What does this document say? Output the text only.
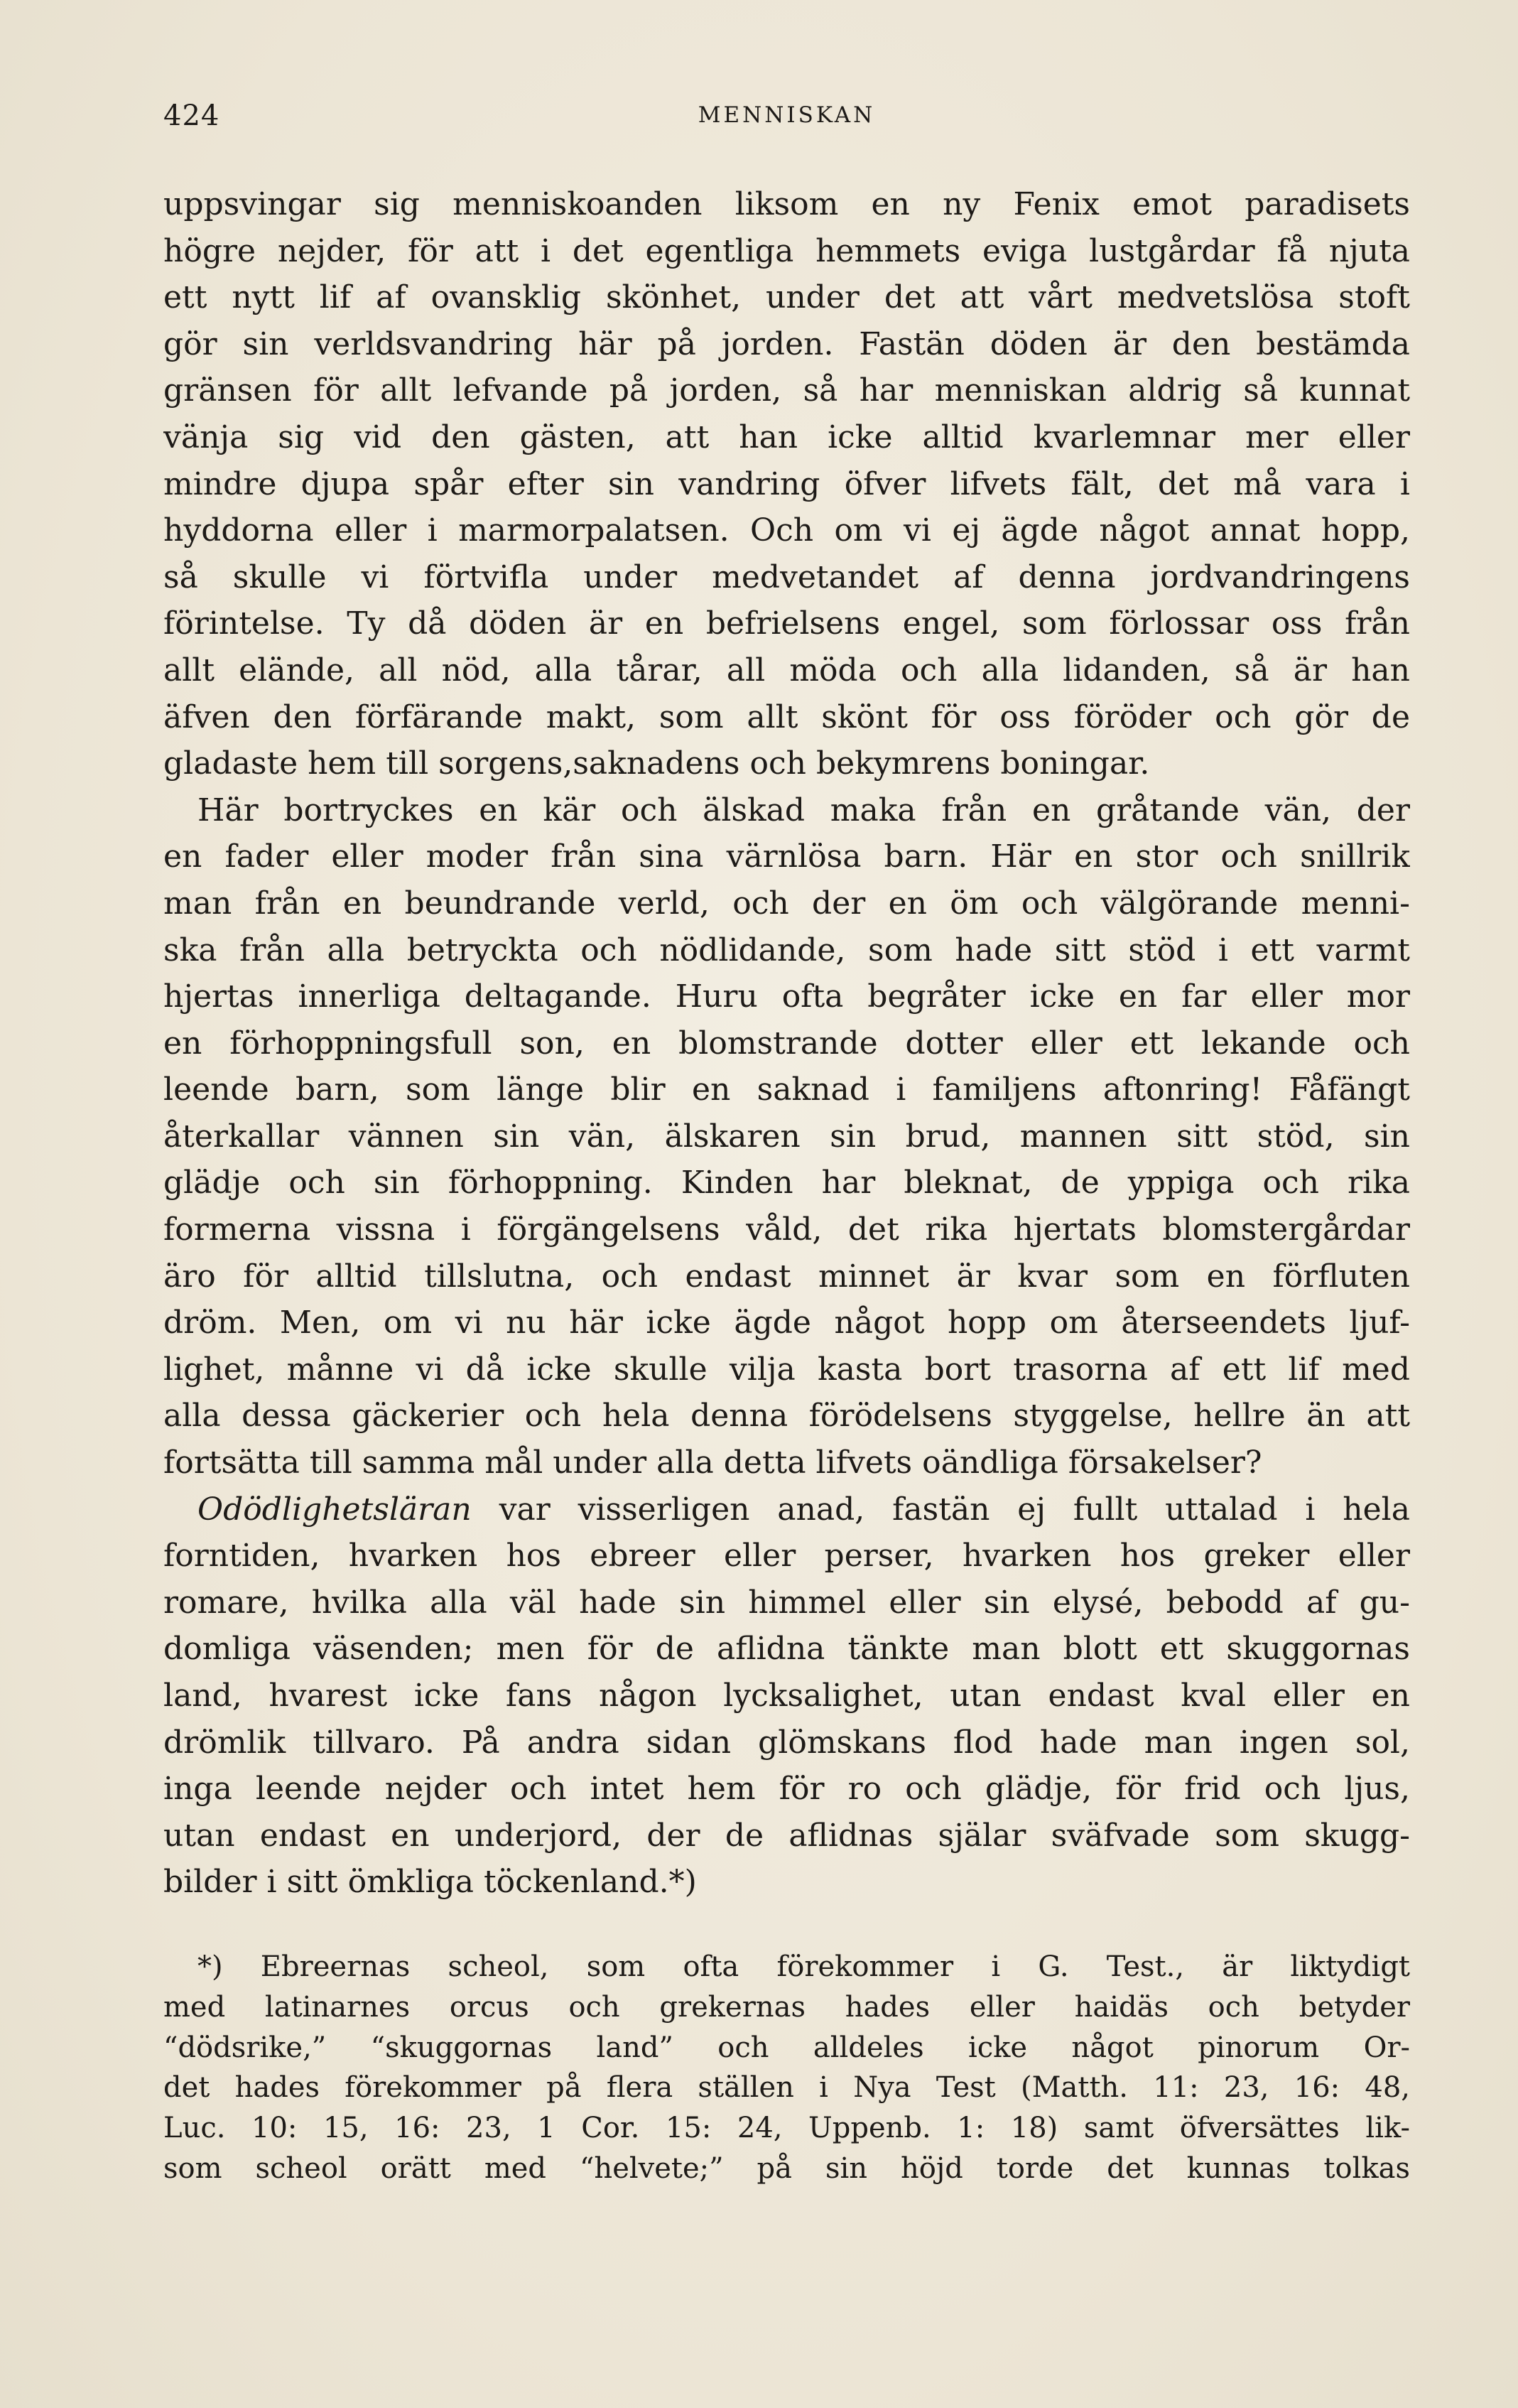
424	MENNISKAN
uppsvingar sig menniskoanden liksom en ny Fenix emot paradisets
högre nejder, för att i det egentliga hemmets eviga lustgårdar få njuta
ett nytt lif af ovansklig skönhet, under det att vårt medvetslösa stoft
gör sin verldsvandring här på jorden. Fastän döden är den bestämda
gränsen för allt lefvande på jorden, så har menniskan aldrig så kunnat
vänja sig vid den gästen, att han icke alltid kvarlemnar mer eller
mindre djupa spår efter sin vandring öfver lifvets fält, det må vara i
hyddorna eller i marmorpalatsen. Och om vi ej ägde något annat hopp,
så skulle vi förtvifla under medvetandet af denna jordvandringens
förintelse. Ty då döden är en befrielsens engel, som förlossar oss från
allt elände, all nöd, alla tårar, all möda och alla lidanden, så är han
äfven den förfärande makt, som allt skönt för oss föröder och gör de
gladaste hem till sorgens,saknadens och bekymrens boningar.
Här bortryckes en kär och älskad maka från en gråtande vän, der
en fader eller moder från sina värnlösa barn. Här en stor och snillrik
man från en beundrande verld, och der en öm och välgörande menni-
ska från alla betryckta och nödlidande, som hade sitt stöd i ett varmt
hjertas innerliga deltagande. Huru ofta begråter icke en far eller mor
en förhoppningsfull son, en blomstrande dotter eller ett lekande och
leende barn, som länge blir en saknad i familjens aftonring! Fåfängt
återkallar vännen sin vän, älskaren sin brud, mannen sitt stöd, sin
glädje och sin förhoppning. Kinden har bleknat, de yppiga och rika
formerna vissna i förgängelsens våld, det rika hjertats blomstergårdar
äro för alltid tillslutna, och endast minnet är kvar som en förfluten
dröm. Men, om vi nu här icke ägde något hopp om återseendets ljuf-
lighet, månne vi då icke skulle vilja kasta bort trasorna af ett lif med
alla dessa gäckerier och hela denna förödelsens styggelse, hellre än att
fortsätta till samma mål under alla detta lifvets oändliga försakelser?
Odödlighetsläran var visserligen anad, fastän ej fullt uttalad i hela
forntiden, hvarken hos ebreer eller perser, hvarken hos greker eller
romare, hvilka alla väl hade sin himmel eller sin elysé, bebodd af gu-
domliga väsenden; men för de aflidna tänkte man blott ett skuggornas
land, hvarest icke fans någon lycksalighet, utan endast kval eller en
drömlik tillvaro. På andra sidan glömskans flod hade man ingen sol,
inga leende nejder och intet hem för ro och glädje, för frid och ljus,
utan endast en underjord, der de aflidnas själar sväfvade som skugg-
bilder i sitt ömkliga töckenland.*)
*) Ebreernas scheol, som ofta förekommer i G. Test., är liktydigt
med latinarnes orcus och grekernas hades eller haidäs och betyder
“dödsrike,” “skuggornas land” och alldeles icke något pinorum Or-
det hades förekommer på flera ställen i Nya Test (Matth. 11: 23, 16: 48,
Luc. 10: 15, 16: 23, 1 Cor. 15: 24, Uppenb. 1: 18) samt öfversättes lik-
som scheol orätt med “helvete;” på sin höjd torde det kunnas tolkas
